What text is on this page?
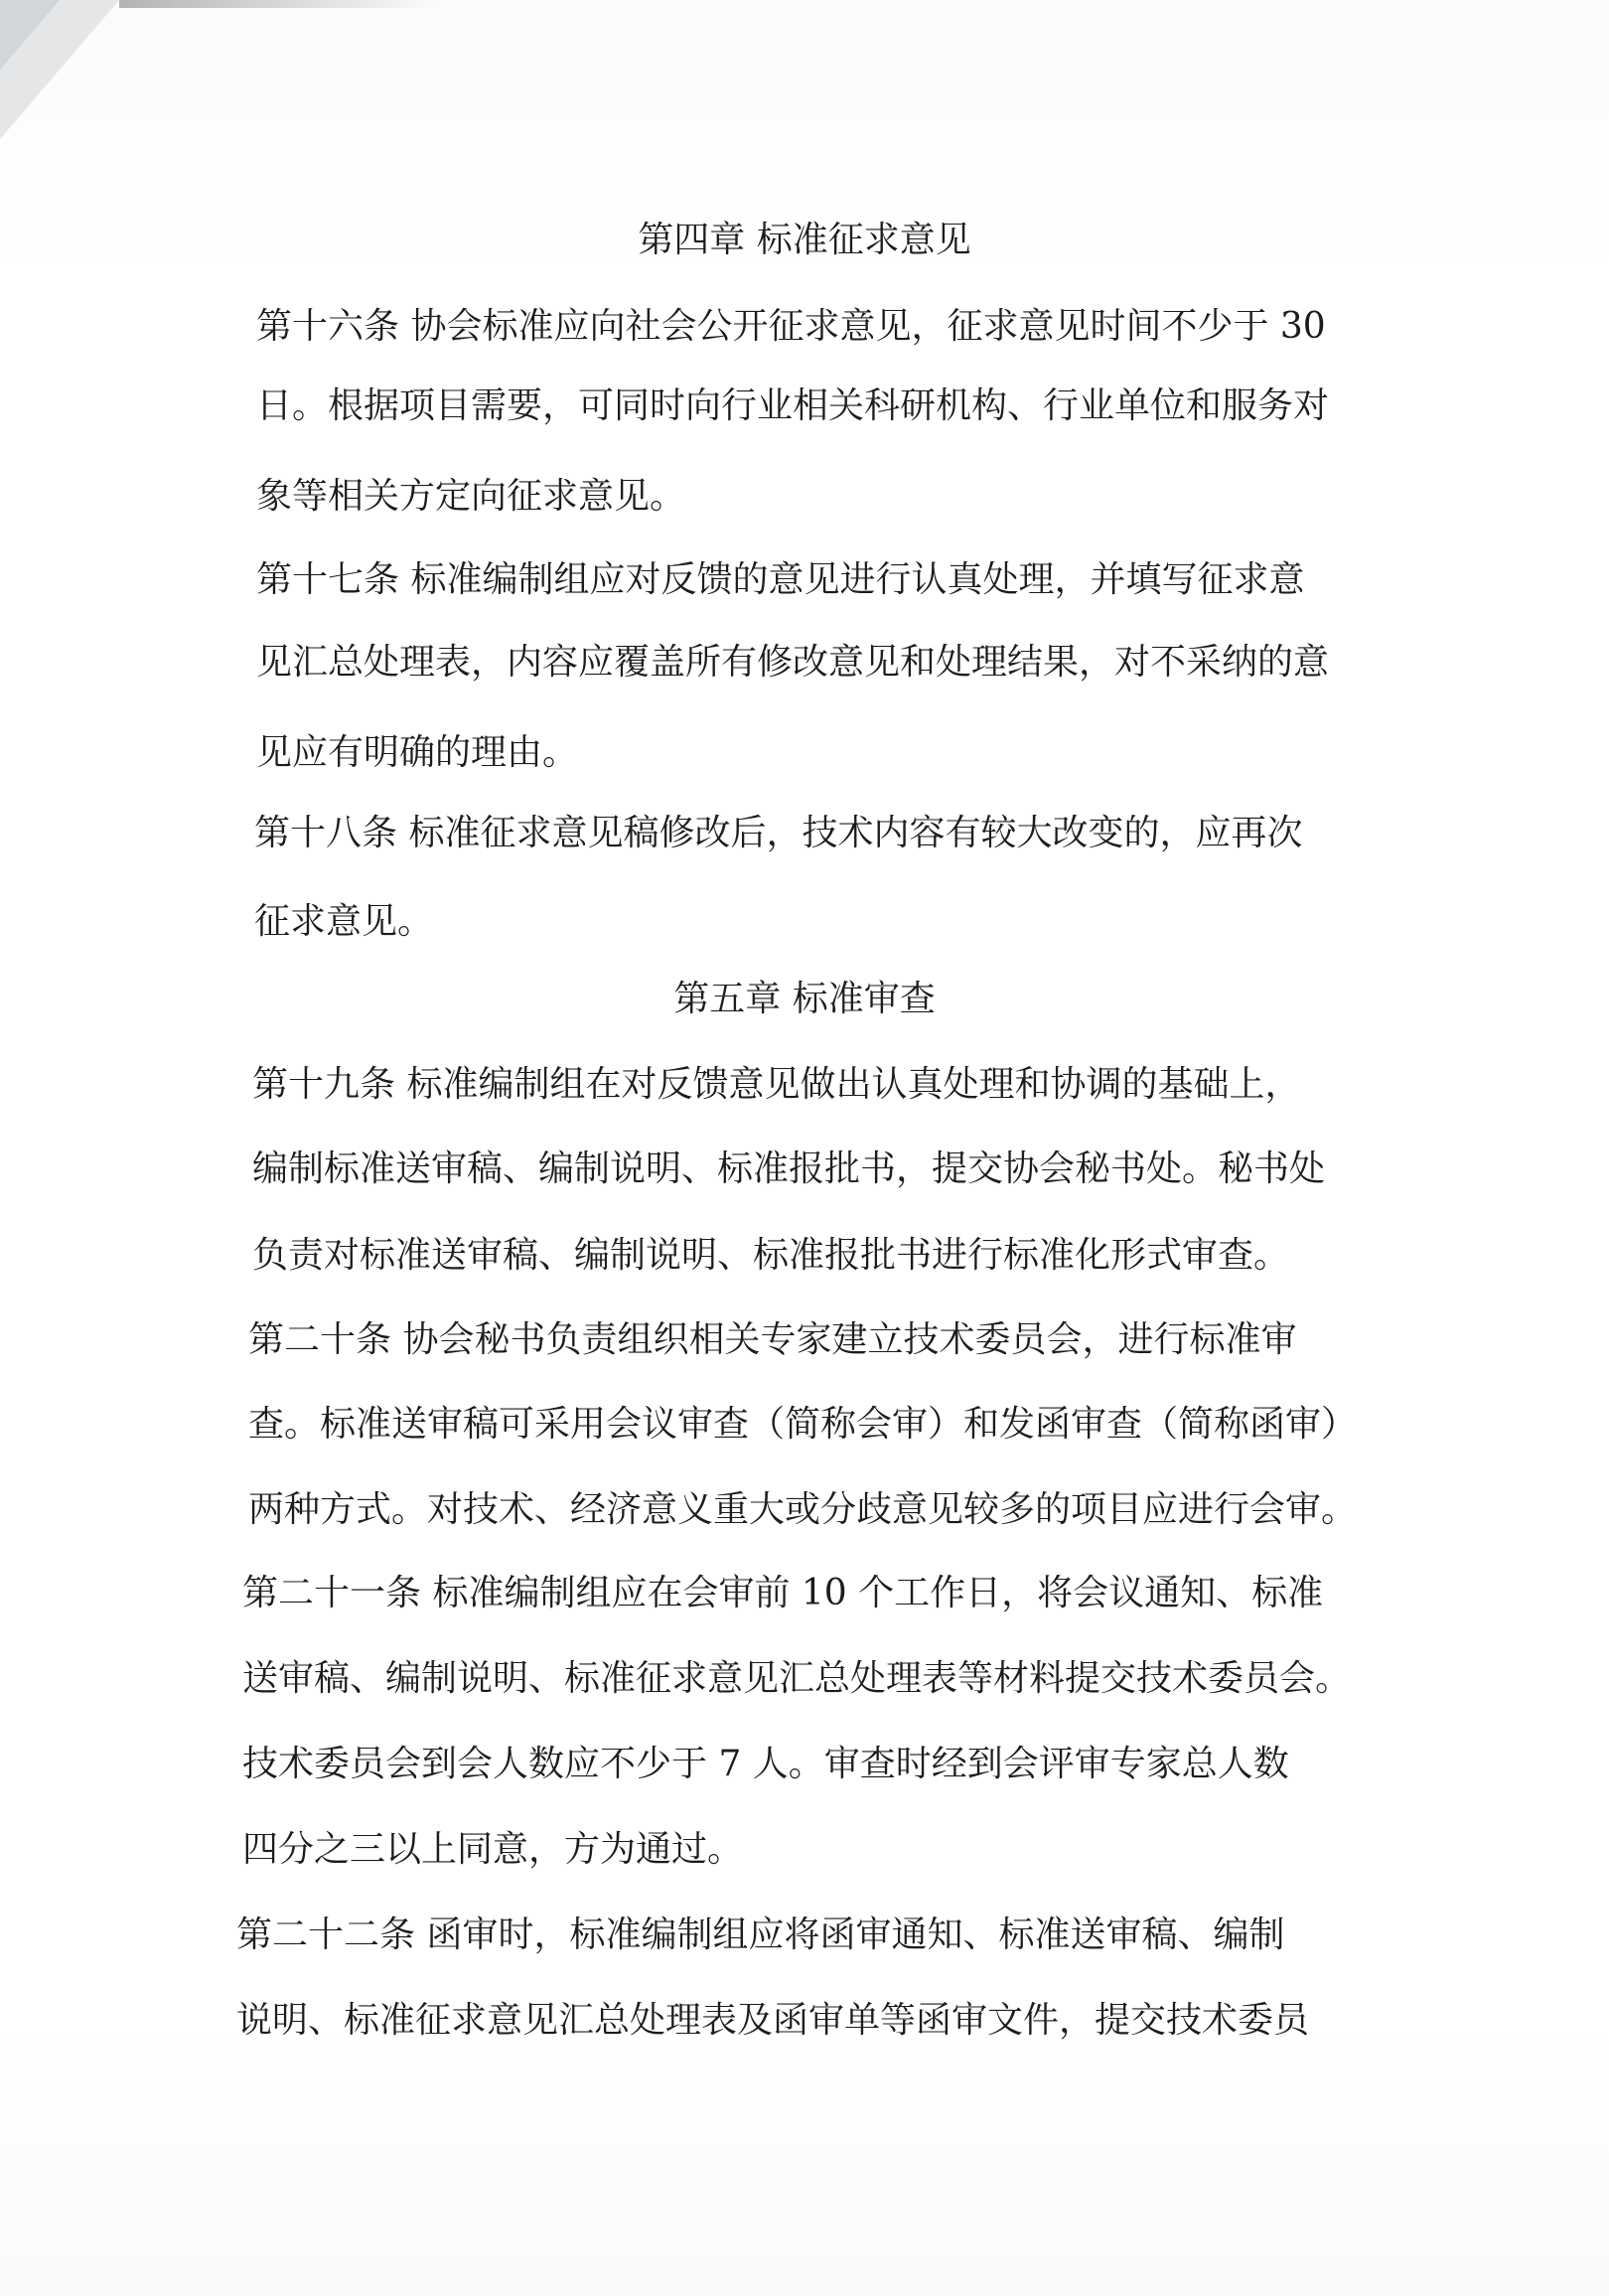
第四章 标准征求意见
第十六条 协会标准应向社会公开征求意见，征求意见时间不少于 30
日。根据项目需要，可同时向行业相关科研机构、行业单位和服务对
象等相关方定向征求意见。
第十七条 标准编制组应对反馈的意见进行认真处理，并填写征求意
见汇总处理表，内容应覆盖所有修改意见和处理结果，对不采纳的意
见应有明确的理由。
第十八条 标准征求意见稿修改后，技术内容有较大改变的，应再次
征求意见。
第五章 标准审查
第十九条 标准编制组在对反馈意见做出认真处理和协调的基础上，
编制标准送审稿、编制说明、标准报批书，提交协会秘书处。秘书处
负责对标准送审稿、编制说明、标准报批书进行标准化形式审查。
第二十条 协会秘书负责组织相关专家建立技术委员会，进行标准审
查。标准送审稿可采用会议审查（简称会审）和发函审查（简称函审）
两种方式。对技术、经济意义重大或分歧意见较多的项目应进行会审。
第二十一条 标准编制组应在会审前 10 个工作日，将会议通知、标准
送审稿、编制说明、标准征求意见汇总处理表等材料提交技术委员会。
技术委员会到会人数应不少于 7 人。审查时经到会评审专家总人数
四分之三以上同意，方为通过。
第二十二条 函审时，标准编制组应将函审通知、标准送审稿、编制
说明、标准征求意见汇总处理表及函审单等函审文件，提交技术委员
